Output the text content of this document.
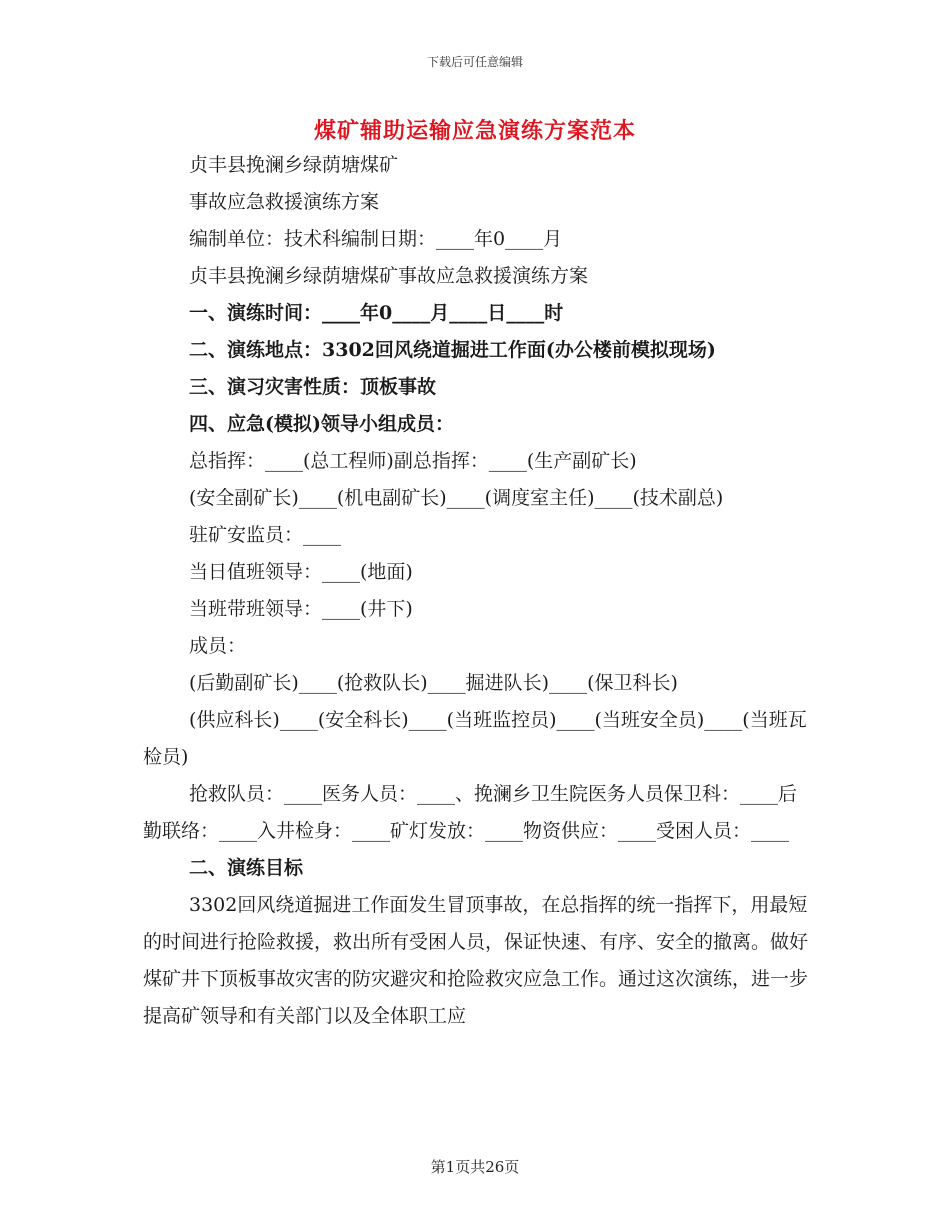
下载后可任意编辑
煤矿辅助运输应急演练方案范本

贞丰县挽澜乡绿荫塘煤矿

事故应急救援演练方案

编制单位：技术科编制日期：____年0____月

贞丰县挽澜乡绿荫塘煤矿事故应急救援演练方案

一、演练时间：____年0____月____日____时

二、演练地点：3302回风绕道掘进工作面(办公楼前模拟现场)

三、演习灾害性质：顶板事故

四、应急(模拟)领导小组成员：

总指挥：____(总工程师)副总指挥：____(生产副矿长)

(安全副矿长)____(机电副矿长)____(调度室主任)____(技术副总)

驻矿安监员：____

当日值班领导：____(地面)

当班带班领导：____(井下)

成员：

(后勤副矿长)____(抢救队长)____掘进队长)____(保卫科长)

(供应科长)____(安全科长)____(当班监控员)____(当班安全员)____(当班瓦检员)

抢救队员：____医务人员：____、挽澜乡卫生院医务人员保卫科：____后勤联络：____入井检身：____矿灯发放：____物资供应：____受困人员：____

二、演练目标

3302回风绕道掘进工作面发生冒顶事故，在总指挥的统一指挥下，用最短的时间进行抢险救援，救出所有受困人员，保证快速、有序、安全的撤离。做好煤矿井下顶板事故灾害的防灾避灾和抢险救灾应急工作。通过这次演练，进一步提高矿领导和有关部门以及全体职工应

第1页共26页
